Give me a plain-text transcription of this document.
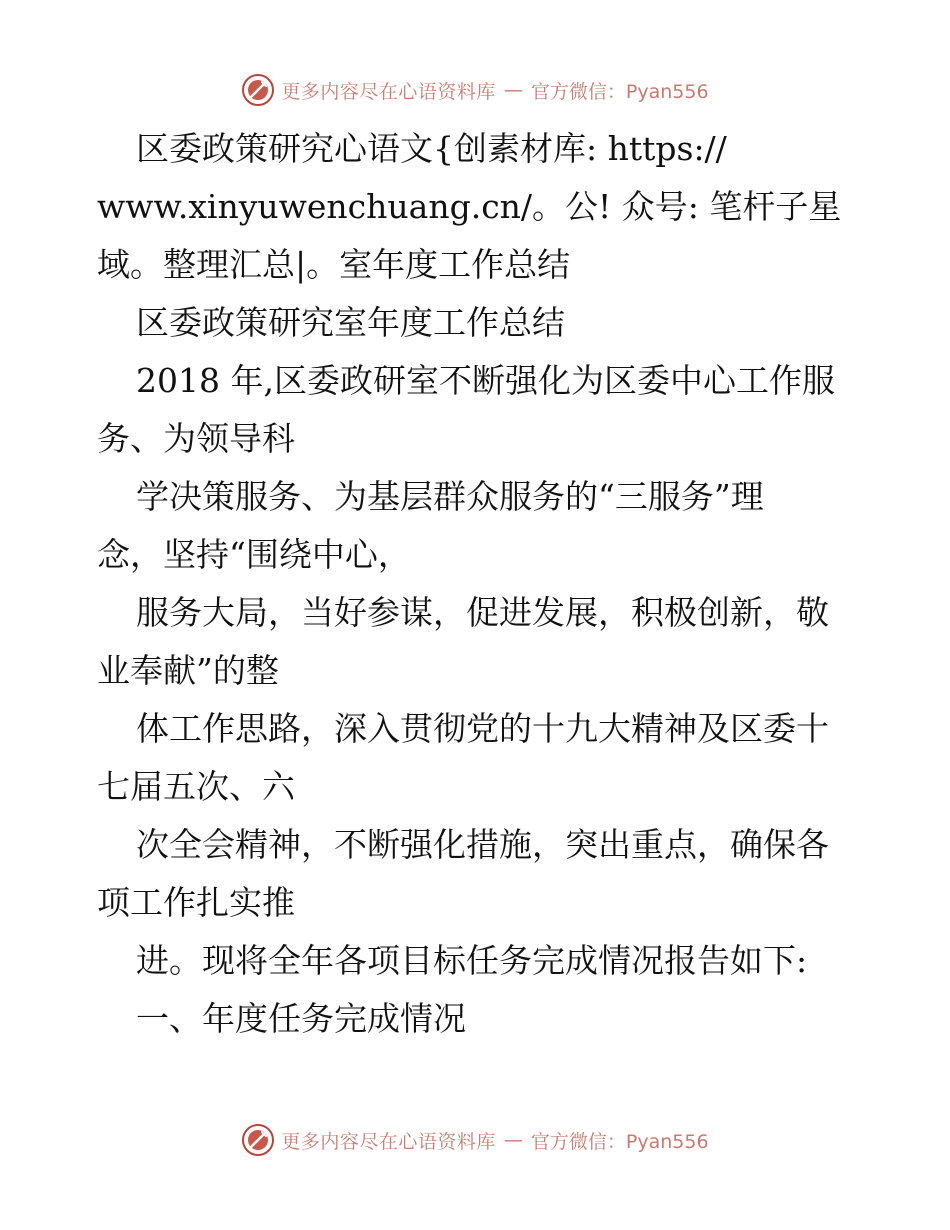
更多内容尽在心语资料库 — 官方微信：Pyan556
区委政策研究心语文{创素材库: https://
www.xinyuwenchuang.cn/。公! 众号: 笔杆子星
域。整理汇总|。室年度工作总结
区委政策研究室年度工作总结
2018 年,区委政研室不断强化为区委中心工作服
务、为领导科
学决策服务、为基层群众服务的“三服务”理
念，坚持“围绕中心，
服务大局，当好参谋，促进发展，积极创新，敬
业奉献”的整
体工作思路，深入贯彻党的十九大精神及区委十
七届五次、六
次全会精神，不断强化措施，突出重点，确保各
项工作扎实推
进。现将全年各项目标任务完成情况报告如下:
一、年度任务完成情况
更多内容尽在心语资料库 — 官方微信：Pyan556
